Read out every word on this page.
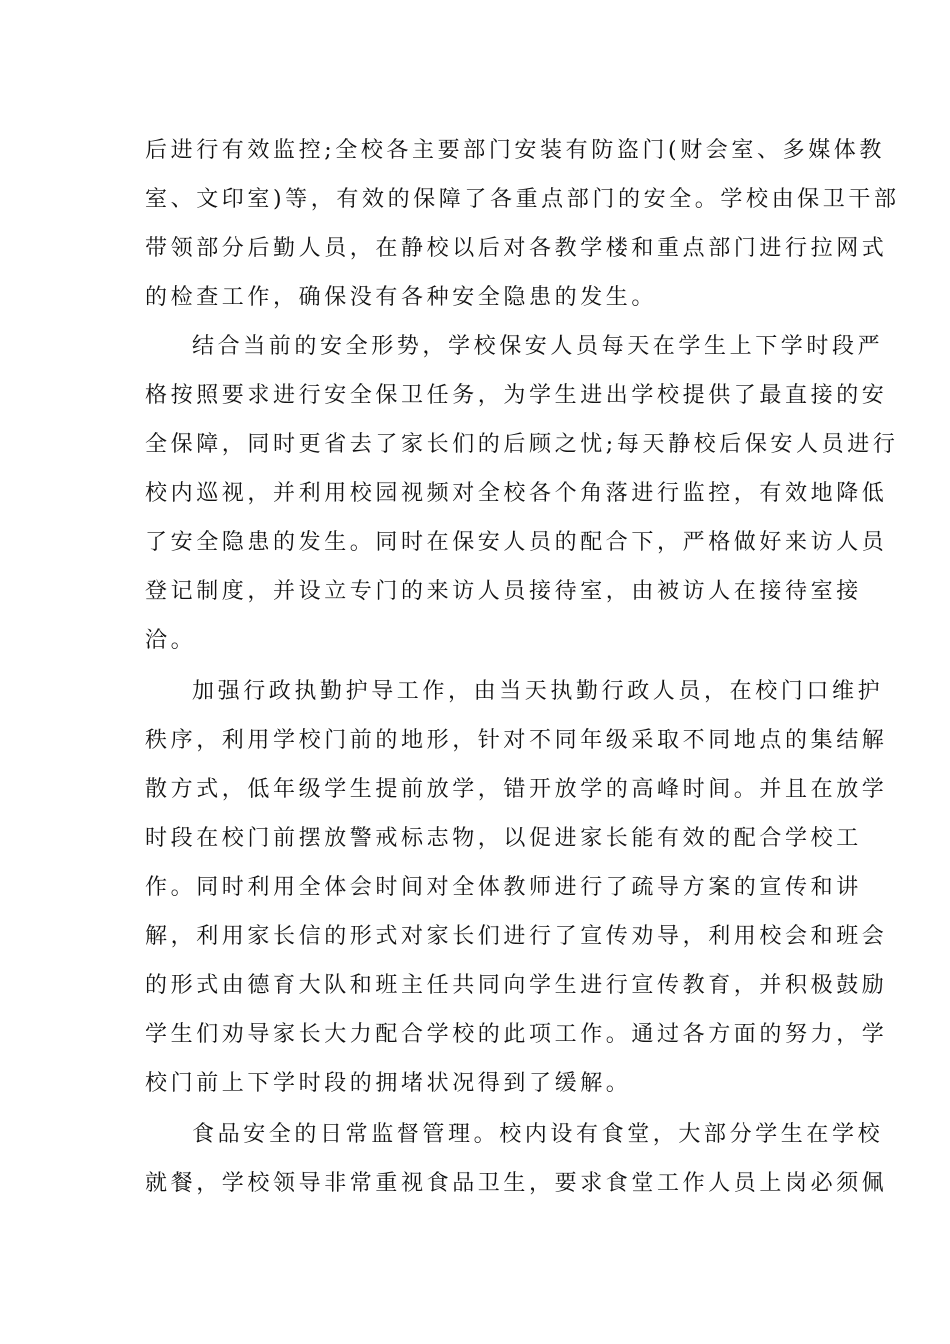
后进行有效监控;全校各主要部门安装有防盗门(财会室、多媒体教
室、文印室)等，有效的保障了各重点部门的安全。学校由保卫干部
带领部分后勤人员，在静校以后对各教学楼和重点部门进行拉网式
的检查工作，确保没有各种安全隐患的发生。
结合当前的安全形势，学校保安人员每天在学生上下学时段严
格按照要求进行安全保卫任务，为学生进出学校提供了最直接的安
全保障，同时更省去了家长们的后顾之忧;每天静校后保安人员进行
校内巡视，并利用校园视频对全校各个角落进行监控，有效地降低
了安全隐患的发生。同时在保安人员的配合下，严格做好来访人员
登记制度，并设立专门的来访人员接待室，由被访人在接待室接
洽。
加强行政执勤护导工作，由当天执勤行政人员，在校门口维护
秩序，利用学校门前的地形，针对不同年级采取不同地点的集结解
散方式，低年级学生提前放学，错开放学的高峰时间。并且在放学
时段在校门前摆放警戒标志物，以促进家长能有效的配合学校工
作。同时利用全体会时间对全体教师进行了疏导方案的宣传和讲
解，利用家长信的形式对家长们进行了宣传劝导，利用校会和班会
的形式由德育大队和班主任共同向学生进行宣传教育，并积极鼓励
学生们劝导家长大力配合学校的此项工作。通过各方面的努力，学
校门前上下学时段的拥堵状况得到了缓解。
食品安全的日常监督管理。校内设有食堂，大部分学生在学校
就餐，学校领导非常重视食品卫生，要求食堂工作人员上岗必须佩
